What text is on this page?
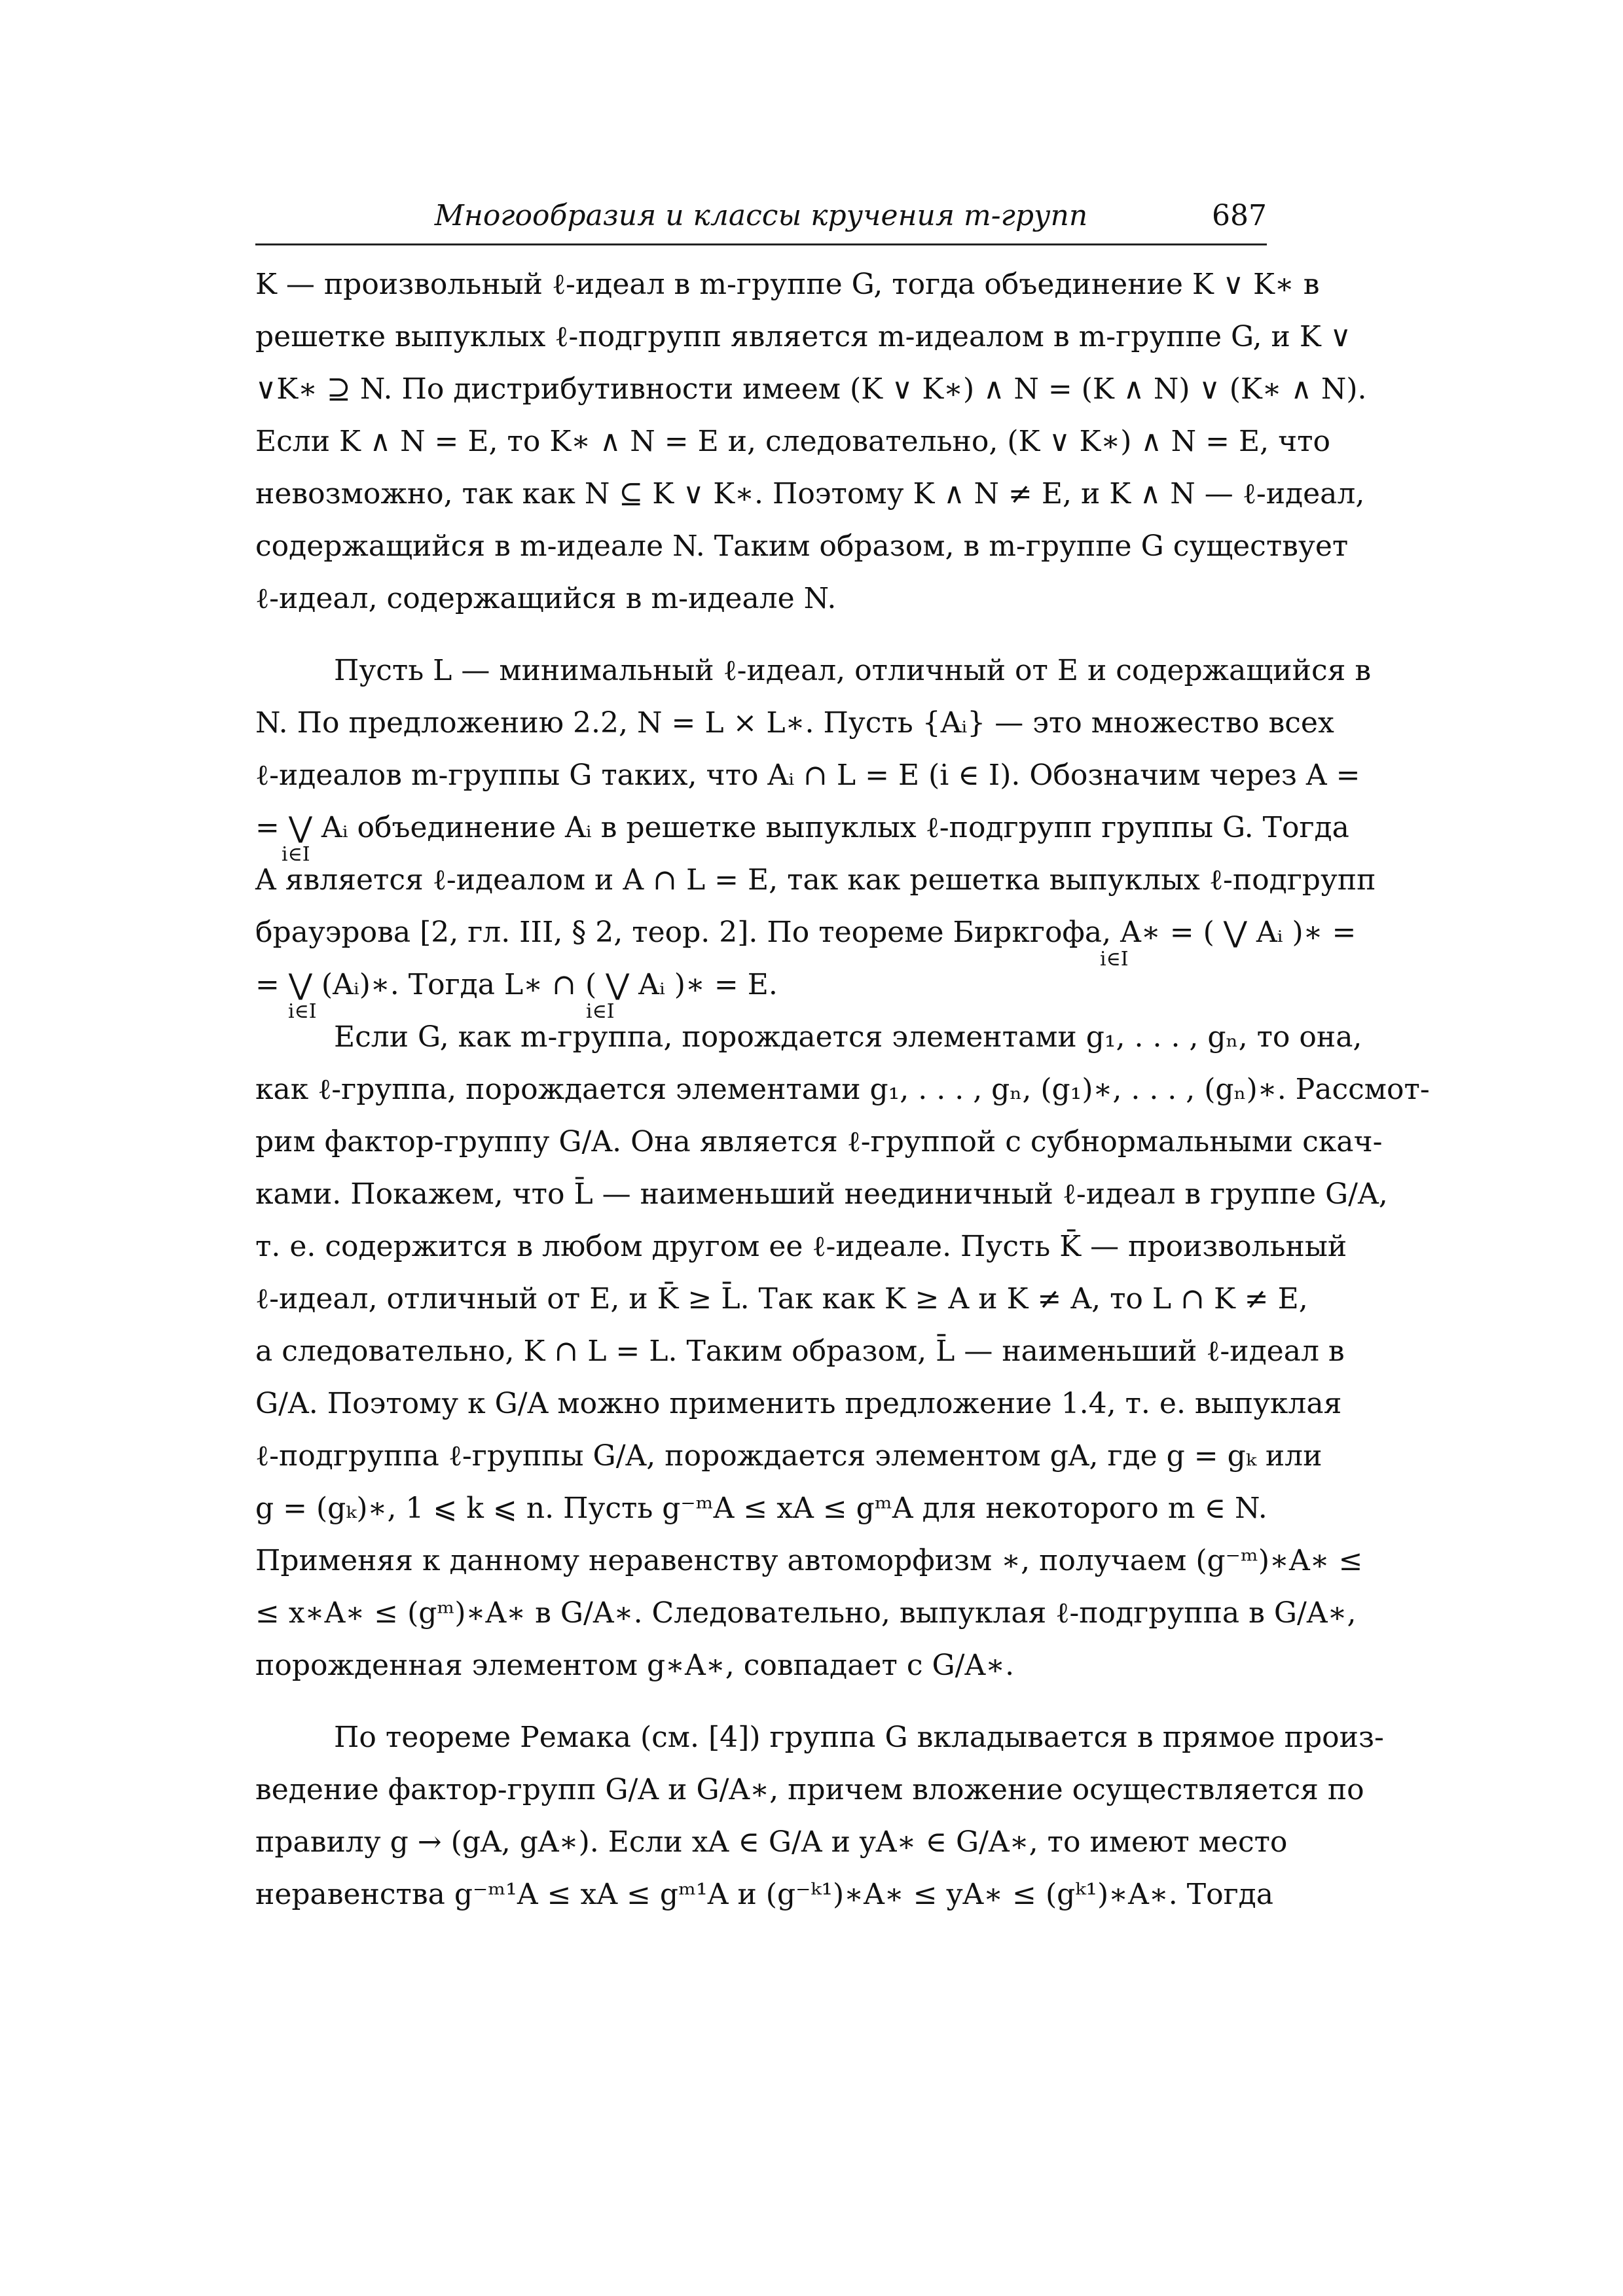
Многообразия и классы кручения m-групп	687
K — произвольный ℓ-идеал в m-группе G, тогда объединение K ∨ K∗ в
решетке выпуклых ℓ-подгрупп является m-идеалом в m-группе G, и K ∨
∨K∗ ⊇ N. По дистрибутивности имеем (K ∨ K∗) ∧ N = (K ∧ N) ∨ (K∗ ∧ N).
Если K ∧ N = E, то K∗ ∧ N = E и, следовательно, (K ∨ K∗) ∧ N = E, что
невозможно, так как N ⊆ K ∨ K∗. Поэтому K ∧ N ≠ E, и K ∧ N — ℓ-идеал,
содержащийся в m-идеале N. Таким образом, в m-группе G существует
ℓ-идеал, содержащийся в m-идеале N.
Пусть L — минимальный ℓ-идеал, отличный от E и содержащийся в
N. По предложению 2.2, N = L × L∗. Пусть {Aᵢ} — это множество всех
ℓ-идеалов m-группы G таких, что Aᵢ ∩ L = E (i ∈ I). Обозначим через A =
= ⋁ Aᵢ объединение Aᵢ в решетке выпуклых ℓ-подгрупп группы G. Тогда
i∈I
A является ℓ-идеалом и A ∩ L = E, так как решетка выпуклых ℓ-подгрупп
брауэрова [2, гл. III, § 2, теор. 2]. По теореме Биркгофа, A∗ = ( ⋁ Aᵢ )∗ =
i∈I
= ⋁ (Aᵢ)∗. Тогда L∗ ∩ ( ⋁ Aᵢ )∗ = E.
i∈I	i∈I
Если G, как m-группа, порождается элементами g₁, . . . , gₙ, то она,
как ℓ-группа, порождается элементами g₁, . . . , gₙ, (g₁)∗, . . . , (gₙ)∗. Рассмот-
рим фактор-группу G/A. Она является ℓ-группой с субнормальными скач-
ками. Покажем, что L̄ — наименьший неединичный ℓ-идеал в группе G/A,
т. е. содержится в любом другом ее ℓ-идеале. Пусть K̄ — произвольный
ℓ-идеал, отличный от E, и K̄ ≥ L̄. Так как K ≥ A и K ≠ A, то L ∩ K ≠ E,
а следовательно, K ∩ L = L. Таким образом, L̄ — наименьший ℓ-идеал в
G/A. Поэтому к G/A можно применить предложение 1.4, т. е. выпуклая
ℓ-подгруппа ℓ-группы G/A, порождается элементом gA, где g = gₖ или
g = (gₖ)∗, 1 ⩽ k ⩽ n. Пусть g⁻ᵐA ≤ xA ≤ gᵐA для некоторого m ∈ N.
Применяя к данному неравенству автоморфизм ∗, получаем (g⁻ᵐ)∗A∗ ≤
≤ x∗A∗ ≤ (gᵐ)∗A∗ в G/A∗. Следовательно, выпуклая ℓ-подгруппа в G/A∗,
порожденная элементом g∗A∗, совпадает с G/A∗.
По теореме Ремака (см. [4]) группа G вкладывается в прямое произ-
ведение фактор-групп G/A и G/A∗, причем вложение осуществляется по
правилу g → (gA, gA∗). Если xA ∈ G/A и yA∗ ∈ G/A∗, то имеют место
неравенства g⁻ᵐ¹A ≤ xA ≤ gᵐ¹A и (g⁻ᵏ¹)∗A∗ ≤ yA∗ ≤ (gᵏ¹)∗A∗. Тогда
